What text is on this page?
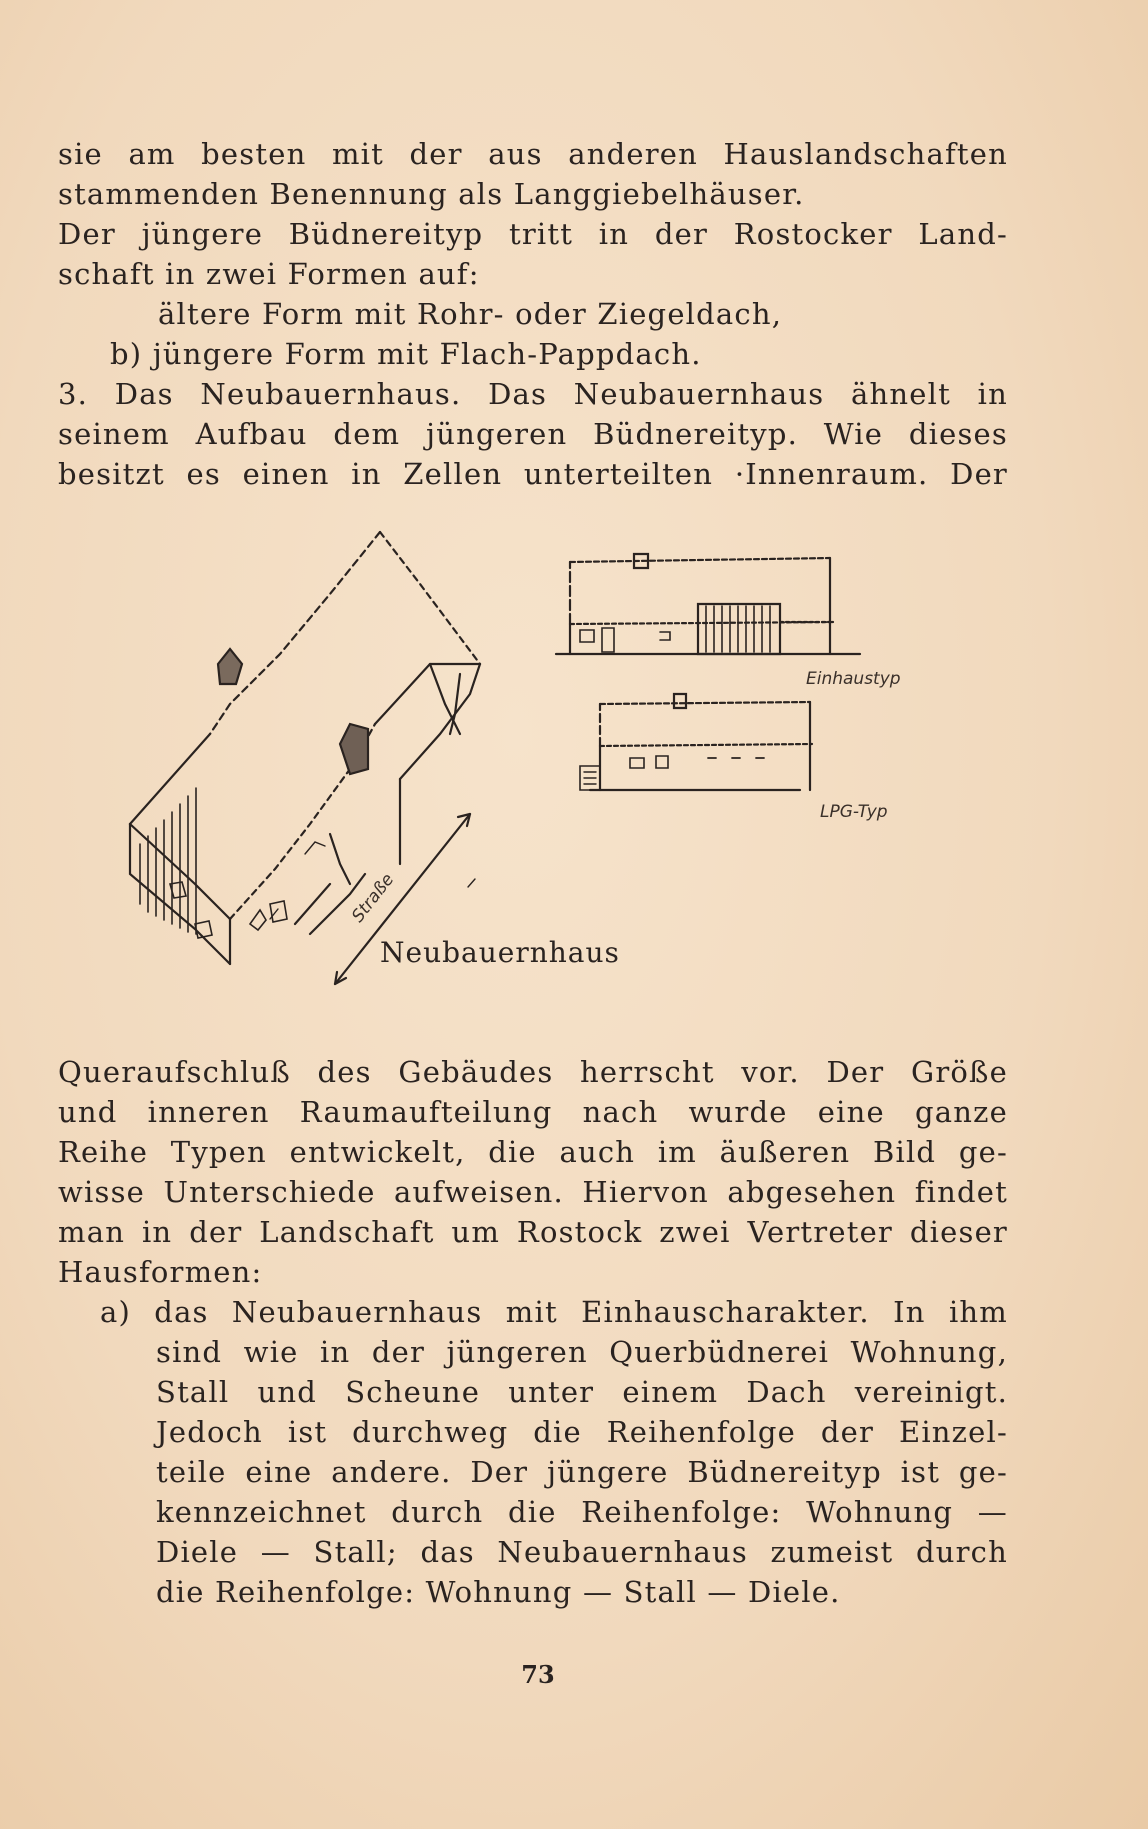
sie am besten mit der aus anderen Hauslandschaften
stammenden Benennung als Langgiebelhäuser.
Der jüngere Büdnereityp tritt in der Rostocker Land-
schaft in zwei Formen auf:
ältere Form mit Rohr- oder Ziegeldach,
b) jüngere Form mit Flach-Pappdach.
3. Das Neubauernhaus. Das Neubauernhaus ähnelt in
seinem Aufbau dem jüngeren Büdnereityp. Wie dieses
besitzt es einen in Zellen unterteilten ·Innenraum. Der
Neubauernhaus
Straße
Einhaustyp
LPG-Typ
Queraufschluß des Gebäudes herrscht vor. Der Größe
und inneren Raumaufteilung nach wurde eine ganze
Reihe Typen entwickelt, die auch im äußeren Bild ge-
wisse Unterschiede aufweisen. Hiervon abgesehen findet
man in der Landschaft um Rostock zwei Vertreter dieser
Hausformen:
a) das Neubauernhaus mit Einhauscharakter. In ihm
sind wie in der jüngeren Querbüdnerei Wohnung,
Stall und Scheune unter einem Dach vereinigt.
Jedoch ist durchweg die Reihenfolge der Einzel-
teile eine andere. Der jüngere Büdnereityp ist ge-
kennzeichnet durch die Reihenfolge: Wohnung —
Diele — Stall; das Neubauernhaus zumeist durch
die Reihenfolge: Wohnung — Stall — Diele.
73
